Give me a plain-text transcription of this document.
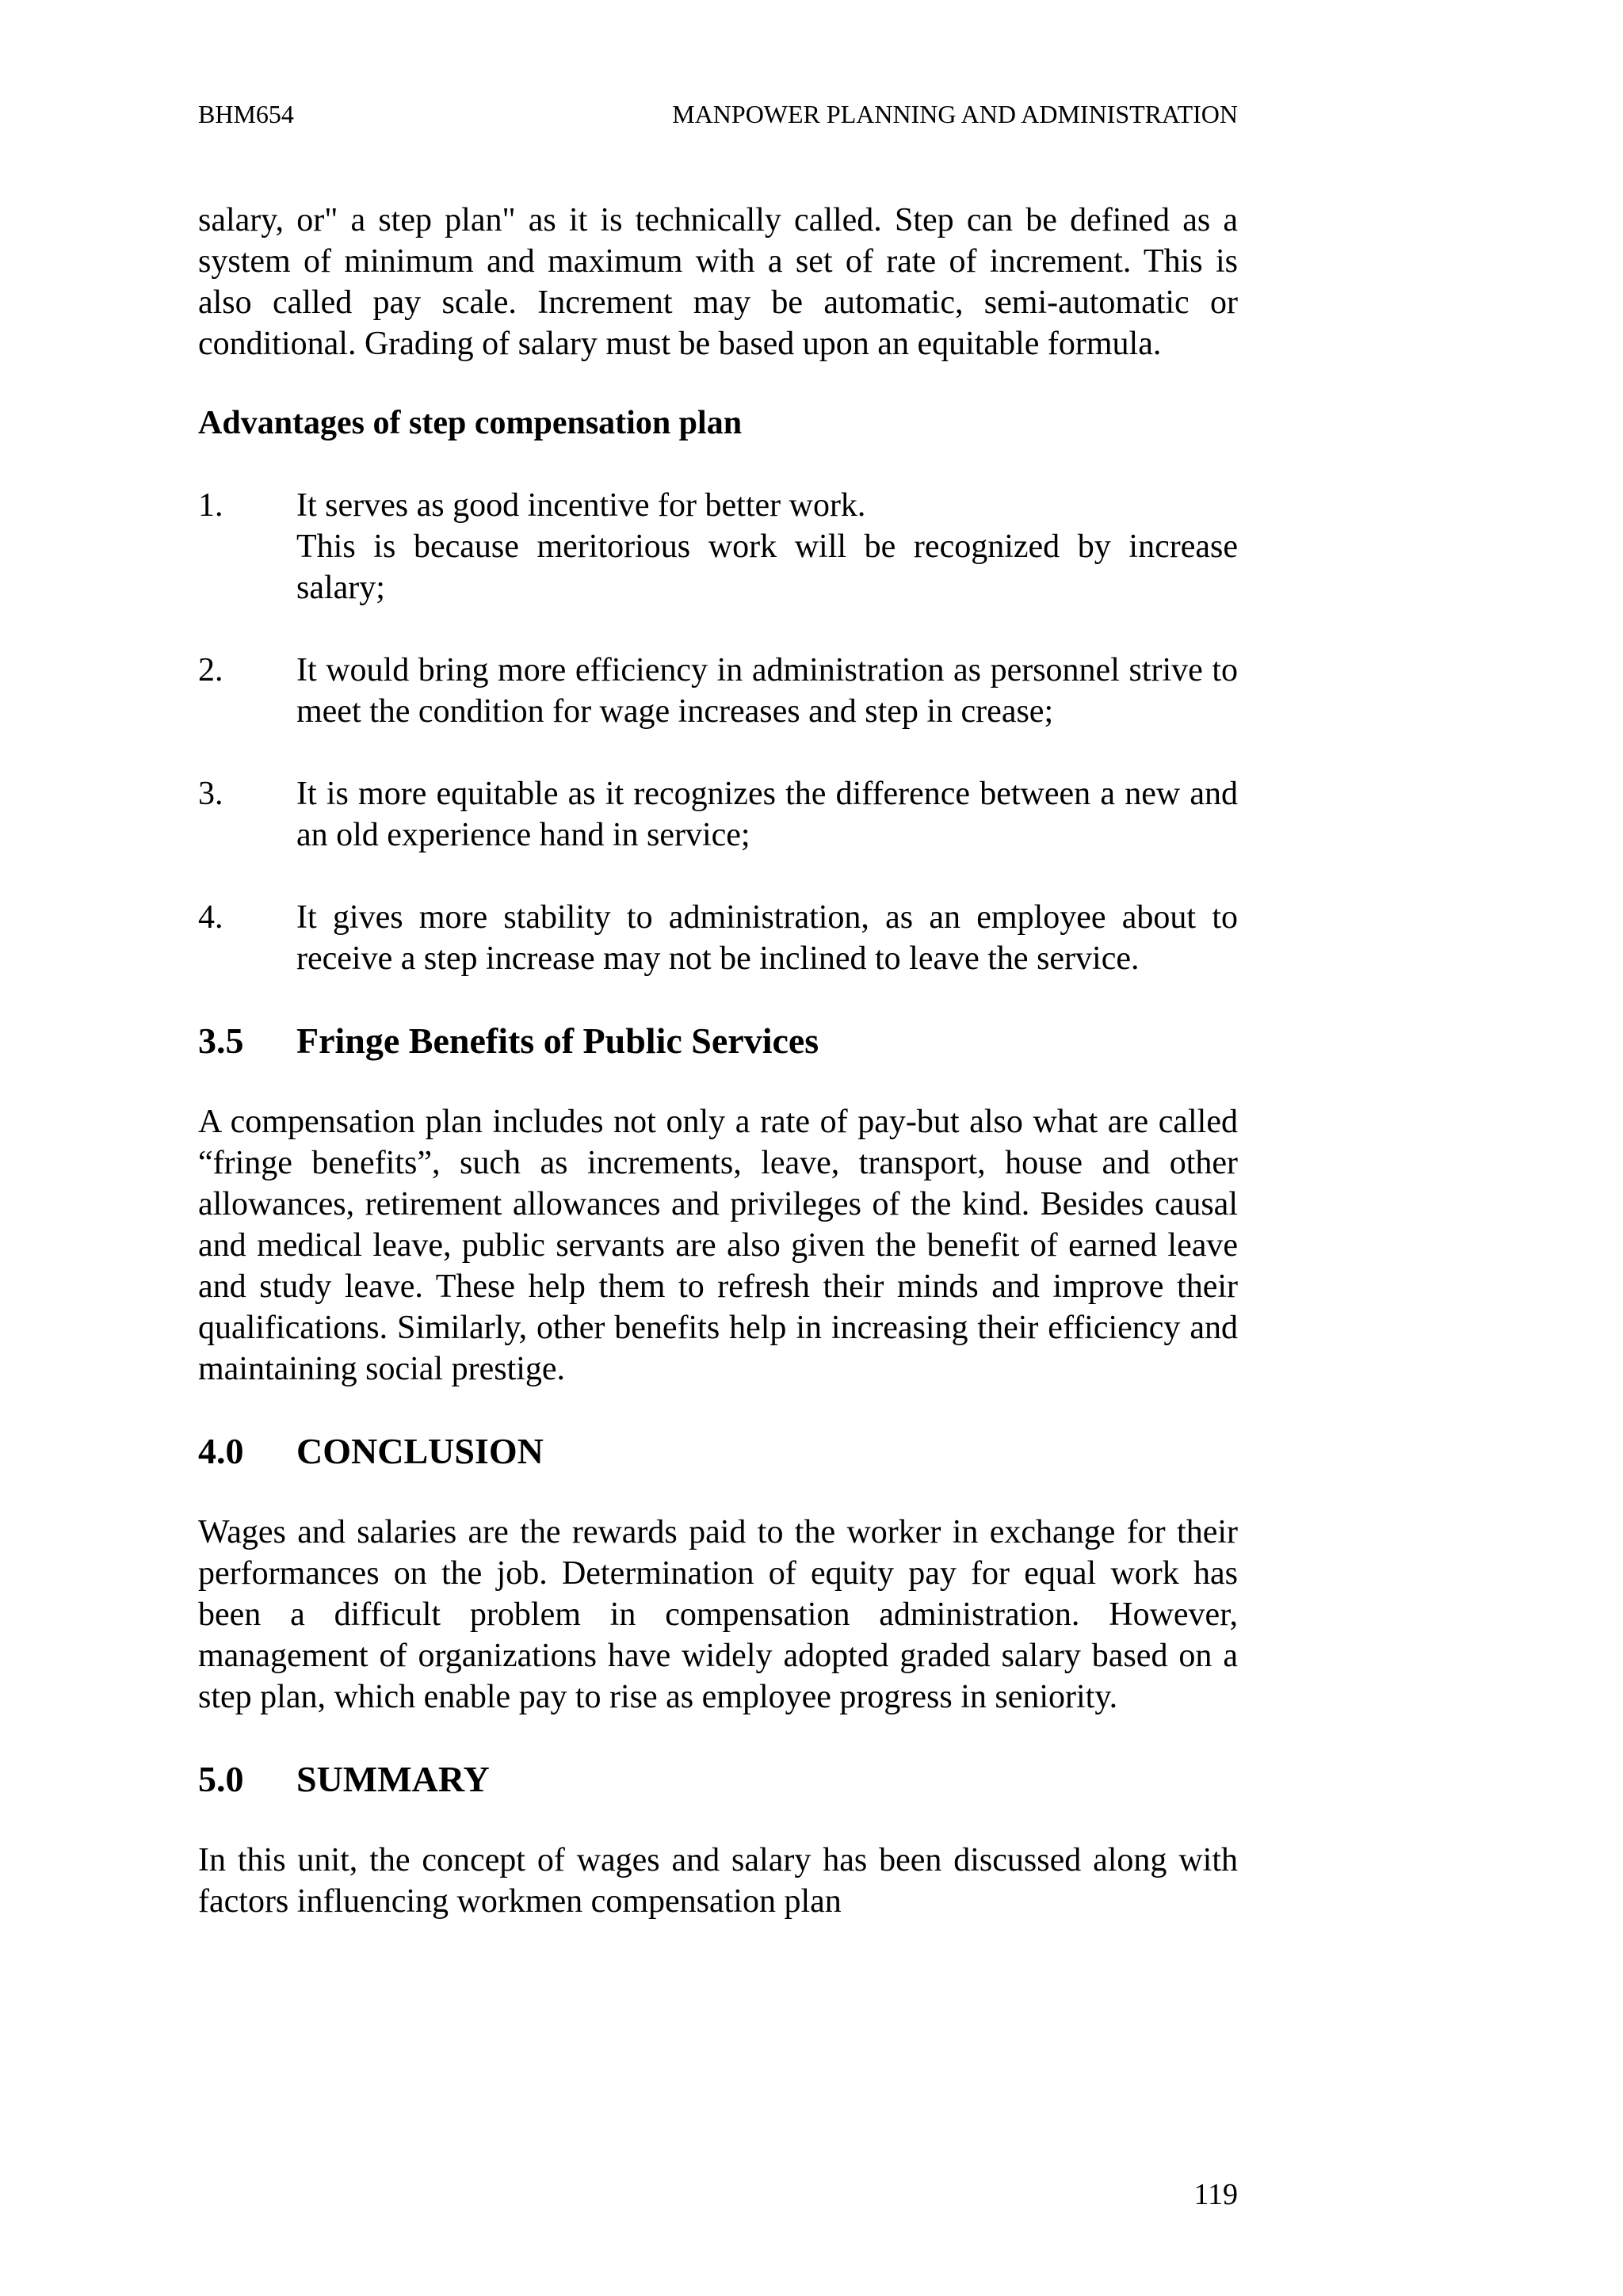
BHM654	MANPOWER PLANNING AND ADMINISTRATION

salary, or" a step plan" as it is technically called. Step can be defined as a system of minimum and maximum with a set of rate of increment. This is also called pay scale. Increment may be automatic, semi-automatic or conditional. Grading of salary must be based upon an equitable formula.

Advantages of step compensation plan

1.	It serves as good incentive for better work.
This is because meritorious work will be recognized by increase salary;
2.	It would bring more efficiency in administration as personnel strive to meet the condition for wage increases and step in crease;
3.	It is more equitable as it recognizes the difference between a new and an old experience hand in service;
4.	It gives more stability to administration, as an employee about to receive a step increase may not be inclined to leave the service.
3.5	Fringe Benefits of Public Services

A compensation plan includes not only a rate of pay-but also what are called “fringe benefits”, such as increments, leave, transport, house and other allowances, retirement allowances and privileges of the kind. Besides causal and medical leave, public servants are also given the benefit of earned leave and study leave. These help them to refresh their minds and improve their qualifications. Similarly, other benefits help in increasing their efficiency and maintaining social prestige.

4.0	CONCLUSION

Wages and salaries are the rewards paid to the worker in exchange for their performances on the job. Determination of equity pay for equal work has been a difficult problem in compensation administration. However, management of organizations have widely adopted graded salary based on a step plan, which enable pay to rise as employee progress in seniority.

5.0	SUMMARY

In this unit, the concept of wages and salary has been discussed along with factors influencing workmen compensation plan

119
